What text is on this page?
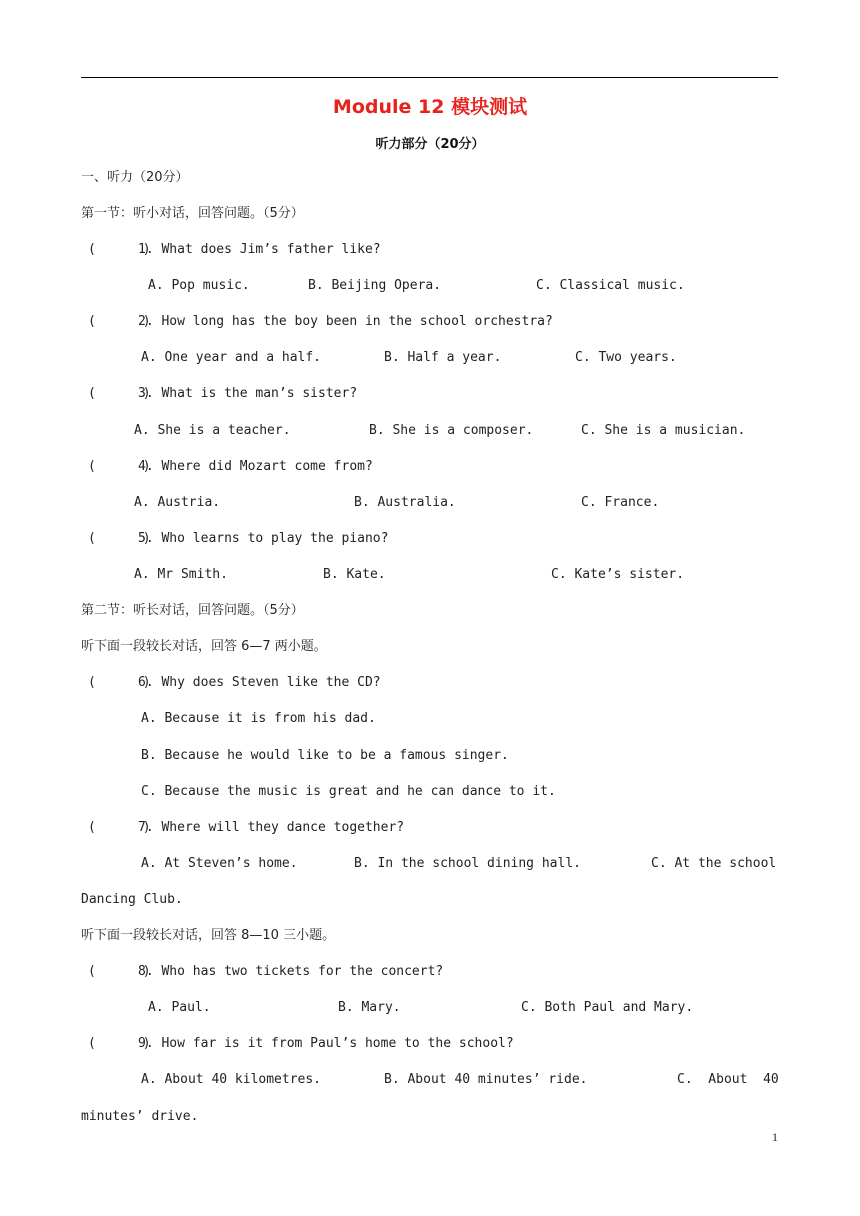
Module 12 模块测试
听力部分（20分）
一、听力（20分）
第一节：听小对话，回答问题。（5分）
(      )1. What does Jim’s father like?
A. Pop music.	B. Beijing Opera.	C. Classical music.
(      )2. How long has the boy been in the school orchestra?
A. One year and a half.	B. Half a year.	C. Two years.
(      )3. What is the man’s sister?
A. She is a teacher.	B. She is a composer.	C. She is a musician.
(      )4. Where did Mozart come from?
A. Austria.	B. Australia.	C. France.
(      )5. Who learns to play the piano?
A. Mr Smith.	B. Kate.	C. Kate’s sister.
第二节：听长对话，回答问题。（5分）
听下面一段较长对话，回答 6—7 两小题。
(      )6. Why does Steven like the CD?
A. Because it is from his dad.
B. Because he would like to be a famous singer.
C. Because the music is great and he can dance to it.
(      )7. Where will they dance together?
A. At Steven’s home.	B. In the school dining hall.	C. At the school
Dancing Club.
听下面一段较长对话，回答 8—10 三小题。
(      )8. Who has two tickets for the concert?
A. Paul.	B. Mary.	C. Both Paul and Mary.
(      )9. How far is it from Paul’s home to the school?
A. About 40 kilometres.	B. About 40 minutes’ ride.	C.  About  40
minutes’ drive.
1
